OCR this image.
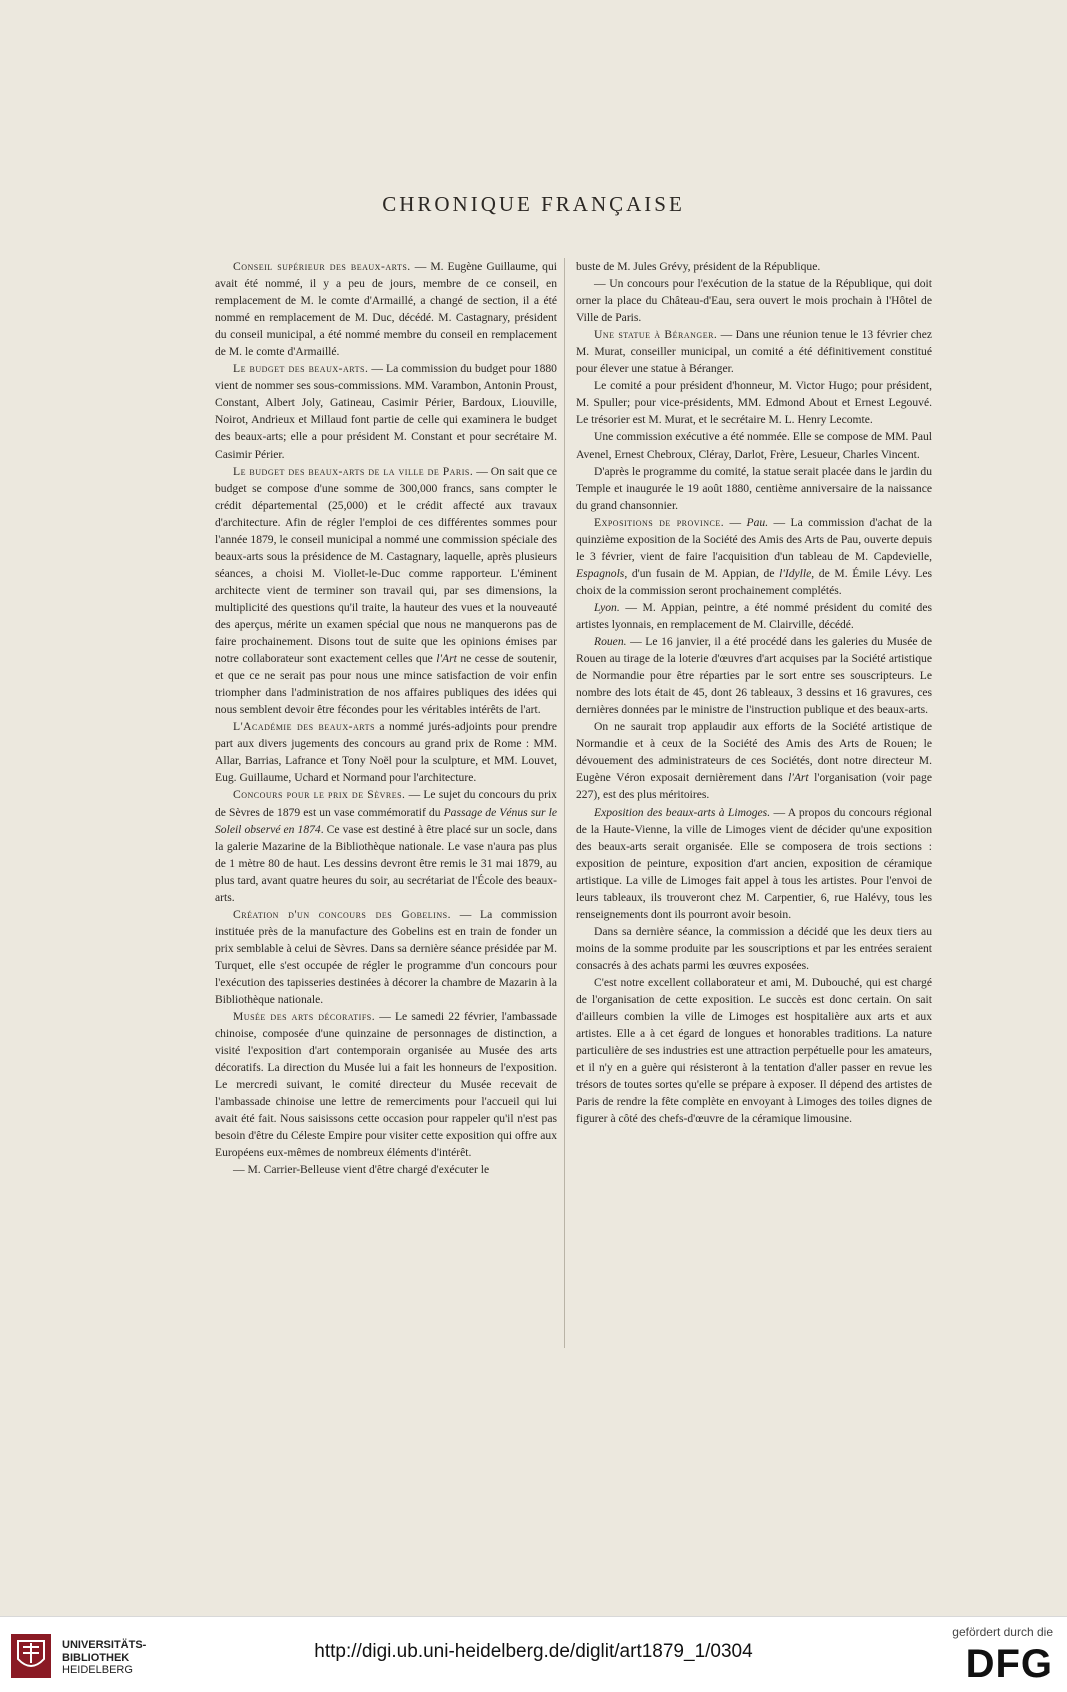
CHRONIQUE FRANÇAISE

Conseil supérieur des beaux-arts. — M. Eugène Guillaume, qui avait été nommé, il y a peu de jours, membre de ce conseil, en remplacement de M. le comte d'Armaillé, a changé de section, il a été nommé en remplacement de M. Duc, décédé. M. Castagnary, président du conseil municipal, a été nommé membre du conseil en remplacement de M. le comte d'Armaillé.

Le budget des beaux-arts. — La commission du budget pour 1880 vient de nommer ses sous-commissions. MM. Varambon, Antonin Proust, Constant, Albert Joly, Gatineau, Casimir Périer, Bardoux, Liouville, Noirot, Andrieux et Millaud font partie de celle qui examinera le budget des beaux-arts; elle a pour président M. Constant et pour secrétaire M. Casimir Périer.

Le budget des beaux-arts de la ville de Paris. — On sait que ce budget se compose d'une somme de 300,000 francs, sans compter le crédit départemental (25,000) et le crédit affecté aux travaux d'architecture. Afin de régler l'emploi de ces différentes sommes pour l'année 1879, le conseil municipal a nommé une commission spéciale des beaux-arts sous la présidence de M. Castagnary, laquelle, après plusieurs séances, a choisi M. Viollet-le-Duc comme rapporteur. L'éminent architecte vient de terminer son travail qui, par ses dimensions, la multiplicité des questions qu'il traite, la hauteur des vues et la nouveauté des aperçus, mérite un examen spécial que nous ne manquerons pas de faire prochainement. Disons tout de suite que les opinions émises par notre collaborateur sont exactement celles que l'Art ne cesse de soutenir, et que ce ne serait pas pour nous une mince satisfaction de voir enfin triompher dans l'administration de nos affaires publiques des idées qui nous semblent devoir être fécondes pour les véritables intérêts de l'art.

L'Académie des beaux-arts a nommé jurés-adjoints pour prendre part aux divers jugements des concours au grand prix de Rome : MM. Allar, Barrias, Lafrance et Tony Noël pour la sculpture, et MM. Louvet, Eug. Guillaume, Uchard et Normand pour l'architecture.

Concours pour le prix de Sèvres. — Le sujet du concours du prix de Sèvres de 1879 est un vase commémoratif du Passage de Vénus sur le Soleil observé en 1874. Ce vase est destiné à être placé sur un socle, dans la galerie Mazarine de la Bibliothèque nationale. Le vase n'aura pas plus de 1 mètre 80 de haut. Les dessins devront être remis le 31 mai 1879, au plus tard, avant quatre heures du soir, au secrétariat de l'École des beaux-arts.

Création d'un concours des Gobelins. — La commission instituée près de la manufacture des Gobelins est en train de fonder un prix semblable à celui de Sèvres. Dans sa dernière séance présidée par M. Turquet, elle s'est occupée de régler le programme d'un concours pour l'exécution des tapisseries destinées à décorer la chambre de Mazarin à la Bibliothèque nationale.

Musée des arts décoratifs. — Le samedi 22 février, l'ambassade chinoise, composée d'une quinzaine de personnages de distinction, a visité l'exposition d'art contemporain organisée au Musée des arts décoratifs. La direction du Musée lui a fait les honneurs de l'exposition. Le mercredi suivant, le comité directeur du Musée recevait de l'ambassade chinoise une lettre de remerciments pour l'accueil qui lui avait été fait. Nous saisissons cette occasion pour rappeler qu'il n'est pas besoin d'être du Céleste Empire pour visiter cette exposition qui offre aux Européens eux-mêmes de nombreux éléments d'intérêt.

— M. Carrier-Belleuse vient d'être chargé d'exécuter le

buste de M. Jules Grévy, président de la République.

— Un concours pour l'exécution de la statue de la République, qui doit orner la place du Château-d'Eau, sera ouvert le mois prochain à l'Hôtel de Ville de Paris.

Une statue à Béranger. — Dans une réunion tenue le 13 février chez M. Murat, conseiller municipal, un comité a été définitivement constitué pour élever une statue à Béranger.

Le comité a pour président d'honneur, M. Victor Hugo; pour président, M. Spuller; pour vice-présidents, MM. Edmond About et Ernest Legouvé. Le trésorier est M. Murat, et le secrétaire M. L. Henry Lecomte.

Une commission exécutive a été nommée. Elle se compose de MM. Paul Avenel, Ernest Chebroux, Cléray, Darlot, Frère, Lesueur, Charles Vincent.

D'après le programme du comité, la statue serait placée dans le jardin du Temple et inaugurée le 19 août 1880, centième anniversaire de la naissance du grand chansonnier.

Expositions de province. — Pau. — La commission d'achat de la quinzième exposition de la Société des Amis des Arts de Pau, ouverte depuis le 3 février, vient de faire l'acquisition d'un tableau de M. Capdevielle, Espagnols, d'un fusain de M. Appian, de l'Idylle, de M. Émile Lévy. Les choix de la commission seront prochainement complétés.

Lyon. — M. Appian, peintre, a été nommé président du comité des artistes lyonnais, en remplacement de M. Clairville, décédé.

Rouen. — Le 16 janvier, il a été procédé dans les galeries du Musée de Rouen au tirage de la loterie d'œuvres d'art acquises par la Société artistique de Normandie pour être réparties par le sort entre ses souscripteurs. Le nombre des lots était de 45, dont 26 tableaux, 3 dessins et 16 gravures, ces dernières données par le ministre de l'instruction publique et des beaux-arts.

On ne saurait trop applaudir aux efforts de la Société artistique de Normandie et à ceux de la Société des Amis des Arts de Rouen; le dévouement des administrateurs de ces Sociétés, dont notre directeur M. Eugène Véron exposait dernièrement dans l'Art l'organisation (voir page 227), est des plus méritoires.

Exposition des beaux-arts à Limoges. — A propos du concours régional de la Haute-Vienne, la ville de Limoges vient de décider qu'une exposition des beaux-arts serait organisée. Elle se composera de trois sections : exposition de peinture, exposition d'art ancien, exposition de céramique artistique. La ville de Limoges fait appel à tous les artistes. Pour l'envoi de leurs tableaux, ils trouveront chez M. Carpentier, 6, rue Halévy, tous les renseignements dont ils pourront avoir besoin.

Dans sa dernière séance, la commission a décidé que les deux tiers au moins de la somme produite par les souscriptions et par les entrées seraient consacrés à des achats parmi les œuvres exposées.

C'est notre excellent collaborateur et ami, M. Dubouché, qui est chargé de l'organisation de cette exposition. Le succès est donc certain. On sait d'ailleurs combien la ville de Limoges est hospitalière aux arts et aux artistes. Elle a à cet égard de longues et honorables traditions. La nature particulière de ses industries est une attraction perpétuelle pour les amateurs, et il n'y en a guère qui résisteront à la tentation d'aller passer en revue les trésors de toutes sortes qu'elle se prépare à exposer. Il dépend des artistes de Paris de rendre la fête complète en envoyant à Limoges des toiles dignes de figurer à côté des chefs-d'œuvre de la céramique limousine.

UNIVERSITÄTS-
BIBLIOTHEK
HEIDELBERG
http://digi.ub.uni-heidelberg.de/diglit/art1879_1/0304
gefördert durch die
DFG
